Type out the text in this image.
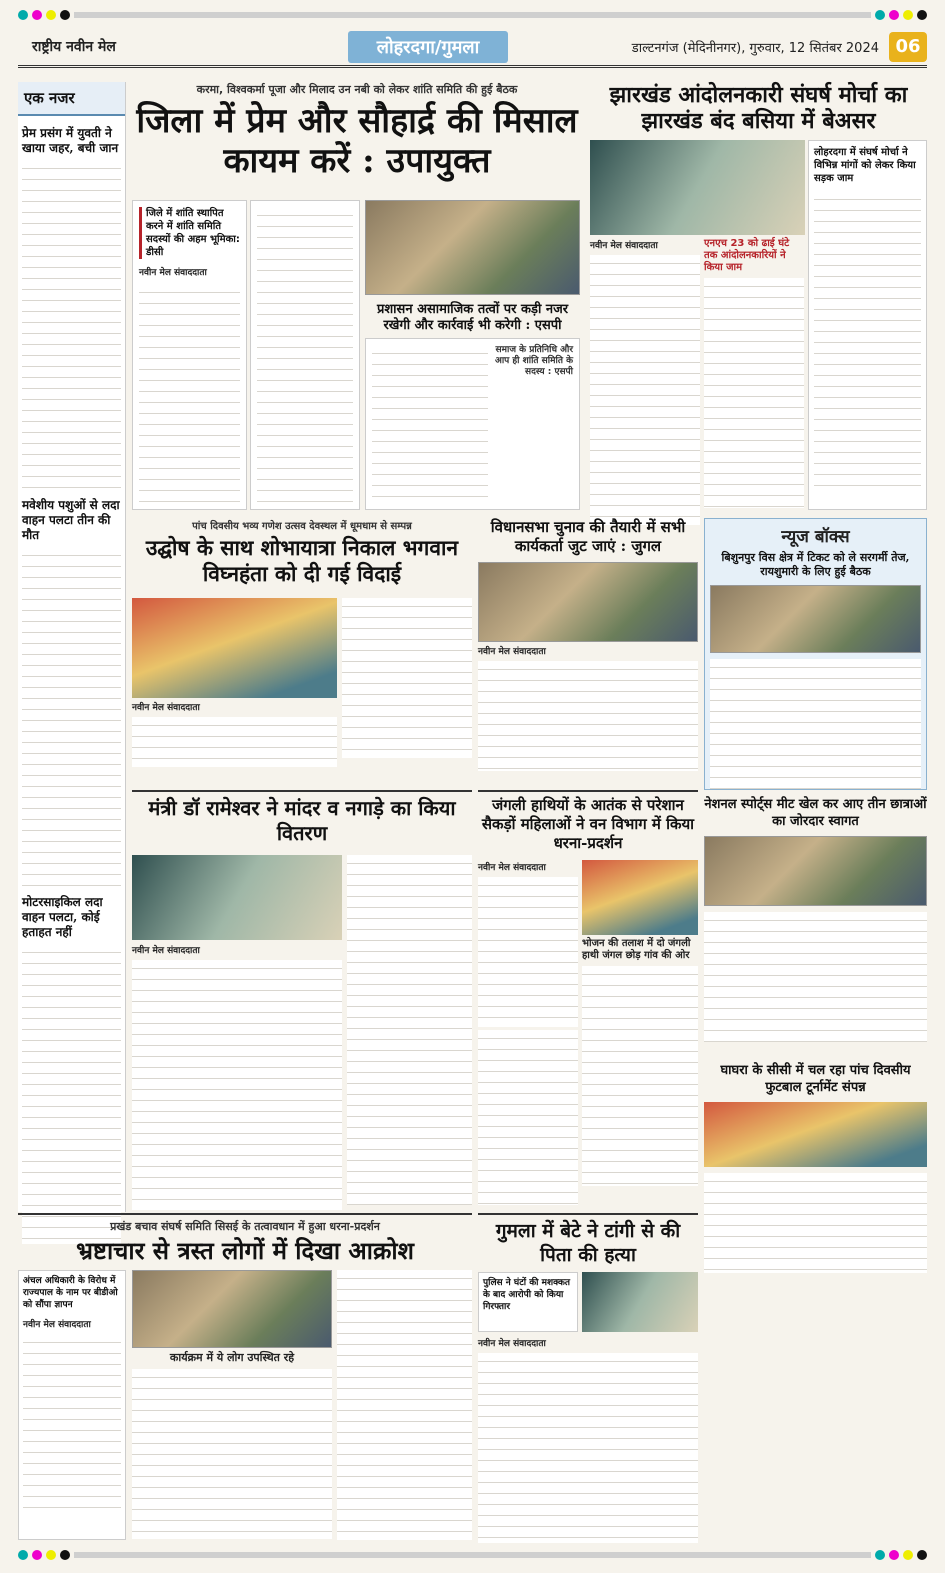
राष्ट्रीय नवीन मेल	लोहरदगा/गुमला	डाल्टनगंज (मेदिनीनगर), गुरुवार, 12 सितंबर 2024 06
एक नजर
प्रेम प्रसंग में युवती ने खाया जहर, बची जान
मवेशीय पशुओं से लदा वाहन पलटा तीन की मौत
मोटरसाइकिल लदा वाहन पलटा, कोई हताहत नहीं
करमा, विश्वकर्मा पूजा और मिलाद उन नबी को लेकर शांति समिति की हुई बैठक
जिला में प्रेम और सौहार्द्र की मिसाल कायम करें : उपायुक्त
जिले में शांति स्थापित करने में शांति समिति सदस्यों की अहम भूमिका: डीसी
नवीन मेल संवाददाता
प्रशासन असामाजिक तत्वों पर कड़ी नजर रखेगी और कार्रवाई भी करेगी : एसपी
समाज के प्रतिनिधि और आप ही शांति समिति के सदस्य : एसपी
झारखंड आंदोलनकारी संघर्ष मोर्चा का झारखंड बंद बसिया में बेअसर
नवीन मेल संवाददाता	एनएच 23 को ढाई घंटे तक आंदोलनकारियों ने किया जाम
लोहरदगा में संघर्ष मोर्चा ने विभिन्न मांगों को लेकर किया सड़क जाम
पांच दिवसीय भव्य गणेश उत्सव देवस्थल में धूमधाम से सम्पन्न
उद्घोष के साथ शोभायात्रा निकाल भगवान विघ्नहंता को दी गई विदाई
नवीन मेल संवाददाता
विधानसभा चुनाव की तैयारी में सभी कार्यकर्ता जुट जाएं : जुगल
नवीन मेल संवाददाता
न्यूज बॉक्स
बिशुनपुर विस क्षेत्र में टिकट को ले सरगर्मी तेज, रायशुमारी के लिए हुई बैठक
मंत्री डॉ रामेश्वर ने मांदर व नगाड़े का किया वितरण
नवीन मेल संवाददाता
जंगली हाथियों के आतंक से परेशान सैकड़ों महिलाओं ने वन विभाग में किया धरना-प्रदर्शन
नवीन मेल संवाददाता
भोजन की तलाश में दो जंगली हाथी जंगल छोड़ गांव की ओर
नेशनल स्पोर्ट्स मीट खेल कर आए तीन छात्राओं का जोरदार स्वागत
घाघरा के सीसी में चल रहा पांच दिवसीय फुटबाल टूर्नामेंट संपन्न
प्रखंड बचाव संघर्ष समिति सिसई के तत्वावधान में हुआ धरना-प्रदर्शन
भ्रष्टाचार से त्रस्त लोगों में दिखा आक्रोश
अंचल अधिकारी के विरोध में राज्यपाल के नाम पर बीडीओ को सौंपा ज्ञापन
नवीन मेल संवाददाता
कार्यक्रम में ये लोग उपस्थित रहे
गुमला में बेटे ने टांगी से की पिता की हत्या
पुलिस ने घंटों की मशक्कत के बाद आरोपी को किया गिरफ्तार
नवीन मेल संवाददाता
